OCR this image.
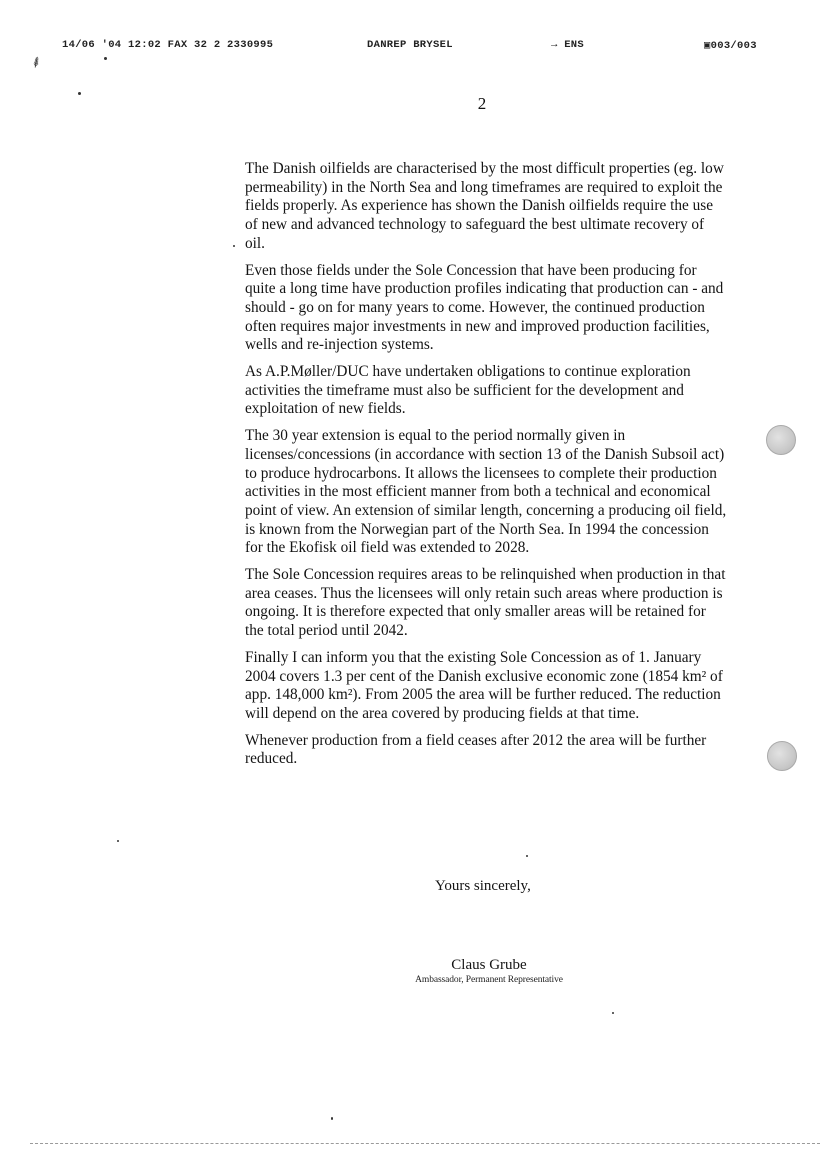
⸙
14/06 '04 12:02 FAX 32 2 2330995	DANREP BRYSEL	→ ENS	▣003/003
2

The Danish oilfields are characterised by the most difficult properties (eg. low permeability) in the North Sea and long timeframes are required to exploit the fields properly. As experience has shown the Danish oilfields require the use of new and advanced technology to safeguard the best ultimate recovery of oil.

Even those fields under the Sole Concession that have been producing for quite a long time have production profiles indicating that production can - and should - go on for many years to come. However, the continued production often requires major investments in new and improved production facilities, wells and re-injection systems.

As A.P.Møller/DUC have undertaken obligations to continue exploration activities the timeframe must also be sufficient for the development and exploitation of new fields.

The 30 year extension is equal to the period normally given in licenses/concessions (in accordance with section 13 of the Danish Subsoil act) to produce hydrocarbons. It allows the licensees to complete their production activities in the most efficient manner from both a technical and economical point of view. An extension of similar length, concerning a producing oil field, is known from the Norwegian part of the North Sea. In 1994 the concession for the Ekofisk oil field was extended to 2028.

The Sole Concession requires areas to be relinquished when production in that area ceases. Thus the licensees will only retain such areas where production is ongoing. It is therefore expected that only smaller areas will be retained for the total period until 2042.

Finally I can inform you that the existing Sole Concession as of 1. January 2004 covers 1.3 per cent of the Danish exclusive economic zone (1854 km² of app. 148,000 km²). From 2005 the area will be further reduced. The reduction will depend on the area covered by producing fields at that time.

Whenever production from a field ceases after 2012 the area will be further reduced.

Yours sincerely,
Claus Grube
Ambassador, Permanent Representative
